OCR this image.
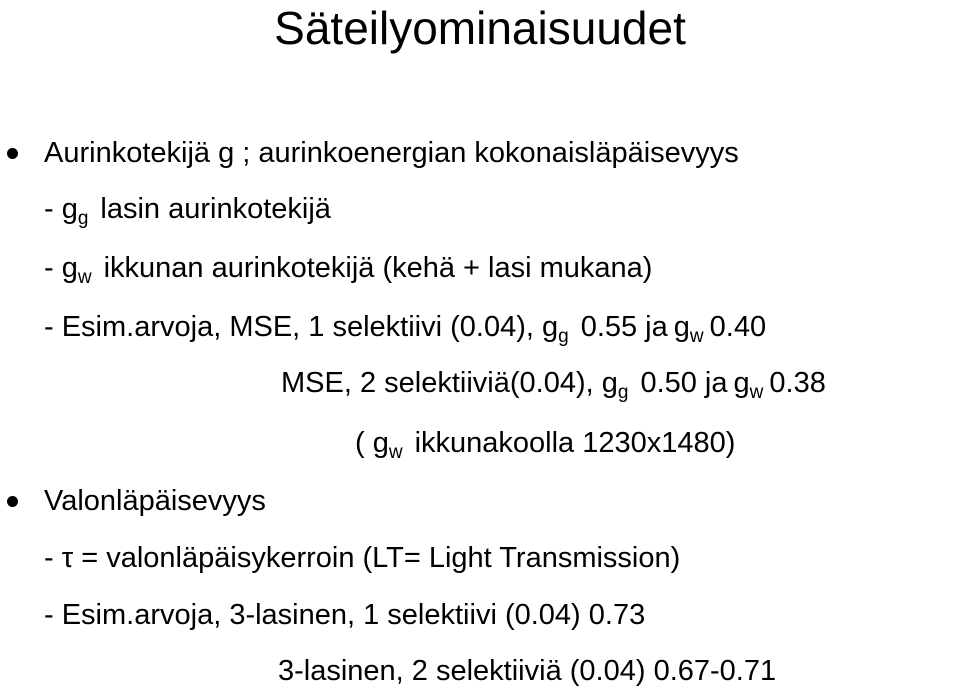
Säteilyominaisuudet
Aurinkotekijä g ; aurinkoenergian kokonaisläpäisevyys
- $g_g$ lasin aurinkotekijä
- $g_w$ ikkunan aurinkotekijä (kehä + lasi mukana)
- Esim.arvoja, MSE, 1 selektiivi (0.04), $g_g$ 0.55 ja $g_w$ 0.40
MSE, 2 selektiiviä(0.04), $g_g$ 0.50 ja $g_w$ 0.38
( $g_w$ ikkunakoolla 1230x1480)
Valonläpäisevyys
- τ = valonläpäisykerroin (LT= Light Transmission)
- Esim.arvoja, 3-lasinen, 1 selektiivi (0.04) 0.73
3-lasinen, 2 selektiiviä (0.04) 0.67-0.71
